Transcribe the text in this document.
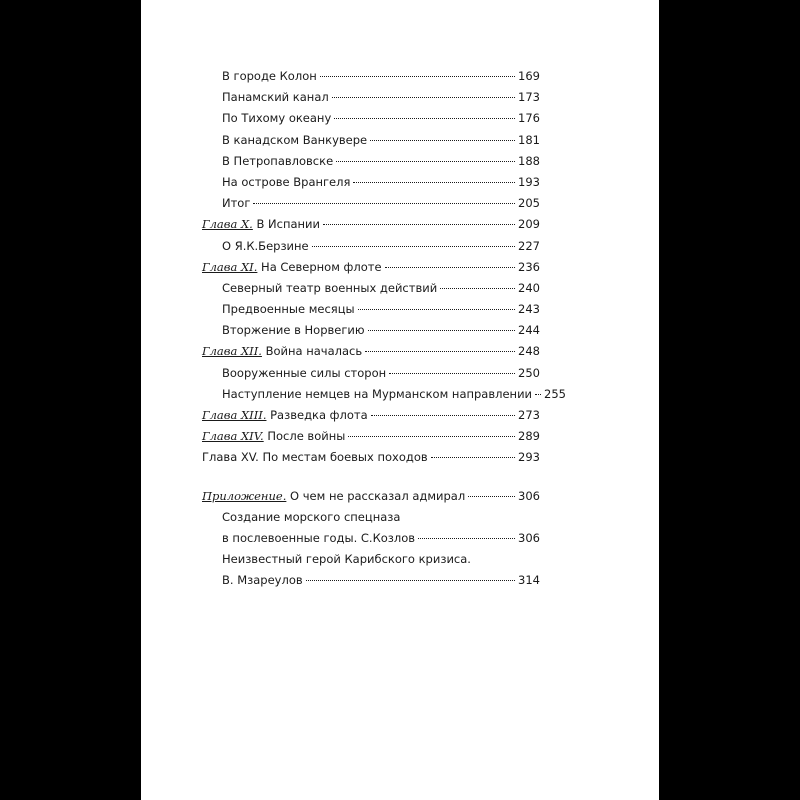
В городе Колон	169
Панамский канал	173
По Тихому океану	176
В канадском Ванкувере	181
В Петропавловске	188
На острове Врангеля	193
Итог	205
Глава X. В Испании	209
О Я.К.Берзине	227
Глава XI. На Северном флоте	236
Северный театр военных действий	240
Предвоенные месяцы	243
Вторжение в Норвегию	244
Глава XII. Война началась	248
Вооруженные силы сторон	250
Наступление немцев на Мурманском направлении 255
Глава XIII. Разведка флота	273
Глава XIV. После войны	289
Глава XV. По местам боевых походов	293
Приложение. О чем не рассказал адмирал	306
Создание морского спецназа
в послевоенные годы. С.Козлов	306
Неизвестный герой Карибского кризиса.
В. Мзареулов	314
